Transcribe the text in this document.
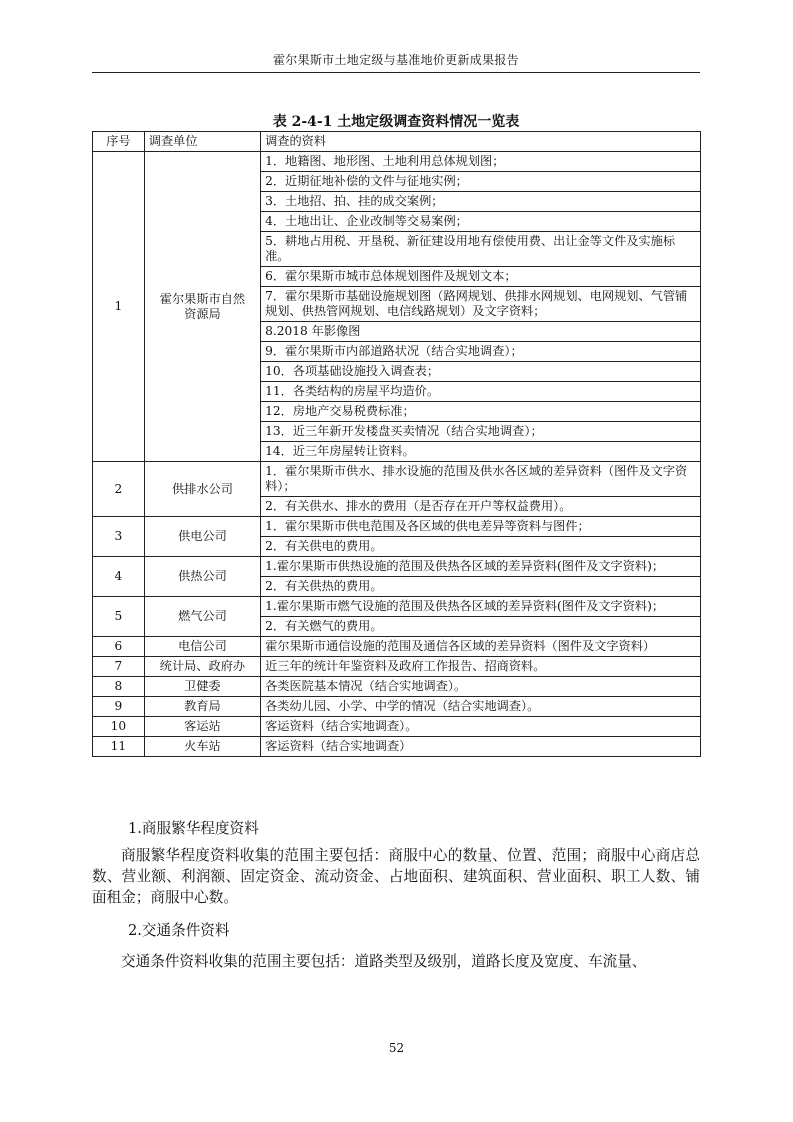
霍尔果斯市土地定级与基准地价更新成果报告
表 2-4-1 土地定级调查资料情况一览表
序号	调查单位	调查的资料
1	霍尔果斯市自然资源局	1．地籍图、地形图、土地利用总体规划图；
		2．近期征地补偿的文件与征地实例；
		3．土地招、拍、挂的成交案例；
		4．土地出让、企业改制等交易案例；
		5．耕地占用税、开垦税、新征建设用地有偿使用费、出让金等文件及实施标准。
		6．霍尔果斯市城市总体规划图件及规划文本；
		7．霍尔果斯市基础设施规划图（路网规划、供排水网规划、电网规划、气管铺规划、供热管网规划、电信线路规划）及文字资料；
		8.2018 年影像图
		9．霍尔果斯市内部道路状况（结合实地调查）；
		10．各项基础设施投入调查表；
		11．各类结构的房屋平均造价。
		12．房地产交易税费标准；
		13．近三年新开发楼盘买卖情况（结合实地调查）；
		14．近三年房屋转让资料。
2	供排水公司	1．霍尔果斯市供水、排水设施的范围及供水各区域的差异资料（图件及文字资料）；
		2．有关供水、排水的费用（是否存在开户等权益费用）。
3	供电公司	1．霍尔果斯市供电范围及各区域的供电差异等资料与图件；
		2．有关供电的费用。
4	供热公司	1.霍尔果斯市供热设施的范围及供热各区域的差异资料(图件及文字资料)；
		2．有关供热的费用。
5	燃气公司	1.霍尔果斯市燃气设施的范围及供热各区域的差异资料(图件及文字资料)；
		2．有关燃气的费用。
6	电信公司	霍尔果斯市通信设施的范围及通信各区域的差异资料（图件及文字资料）
7	统计局、政府办	近三年的统计年鉴资料及政府工作报告、招商资料。
8	卫健委	各类医院基本情况（结合实地调查）。
9	教育局	各类幼儿园、小学、中学的情况（结合实地调查）。
10	客运站	客运资料（结合实地调查）。
11	火车站	客运资料（结合实地调查）
1.商服繁华程度资料

商服繁华程度资料收集的范围主要包括：商服中心的数量、位置、范围；商服中心商店总数、营业额、利润额、固定资金、流动资金、占地面积、建筑面积、营业面积、职工人数、铺面租金；商服中心数。

2.交通条件资料

交通条件资料收集的范围主要包括：道路类型及级别，道路长度及宽度、车流量、

52
